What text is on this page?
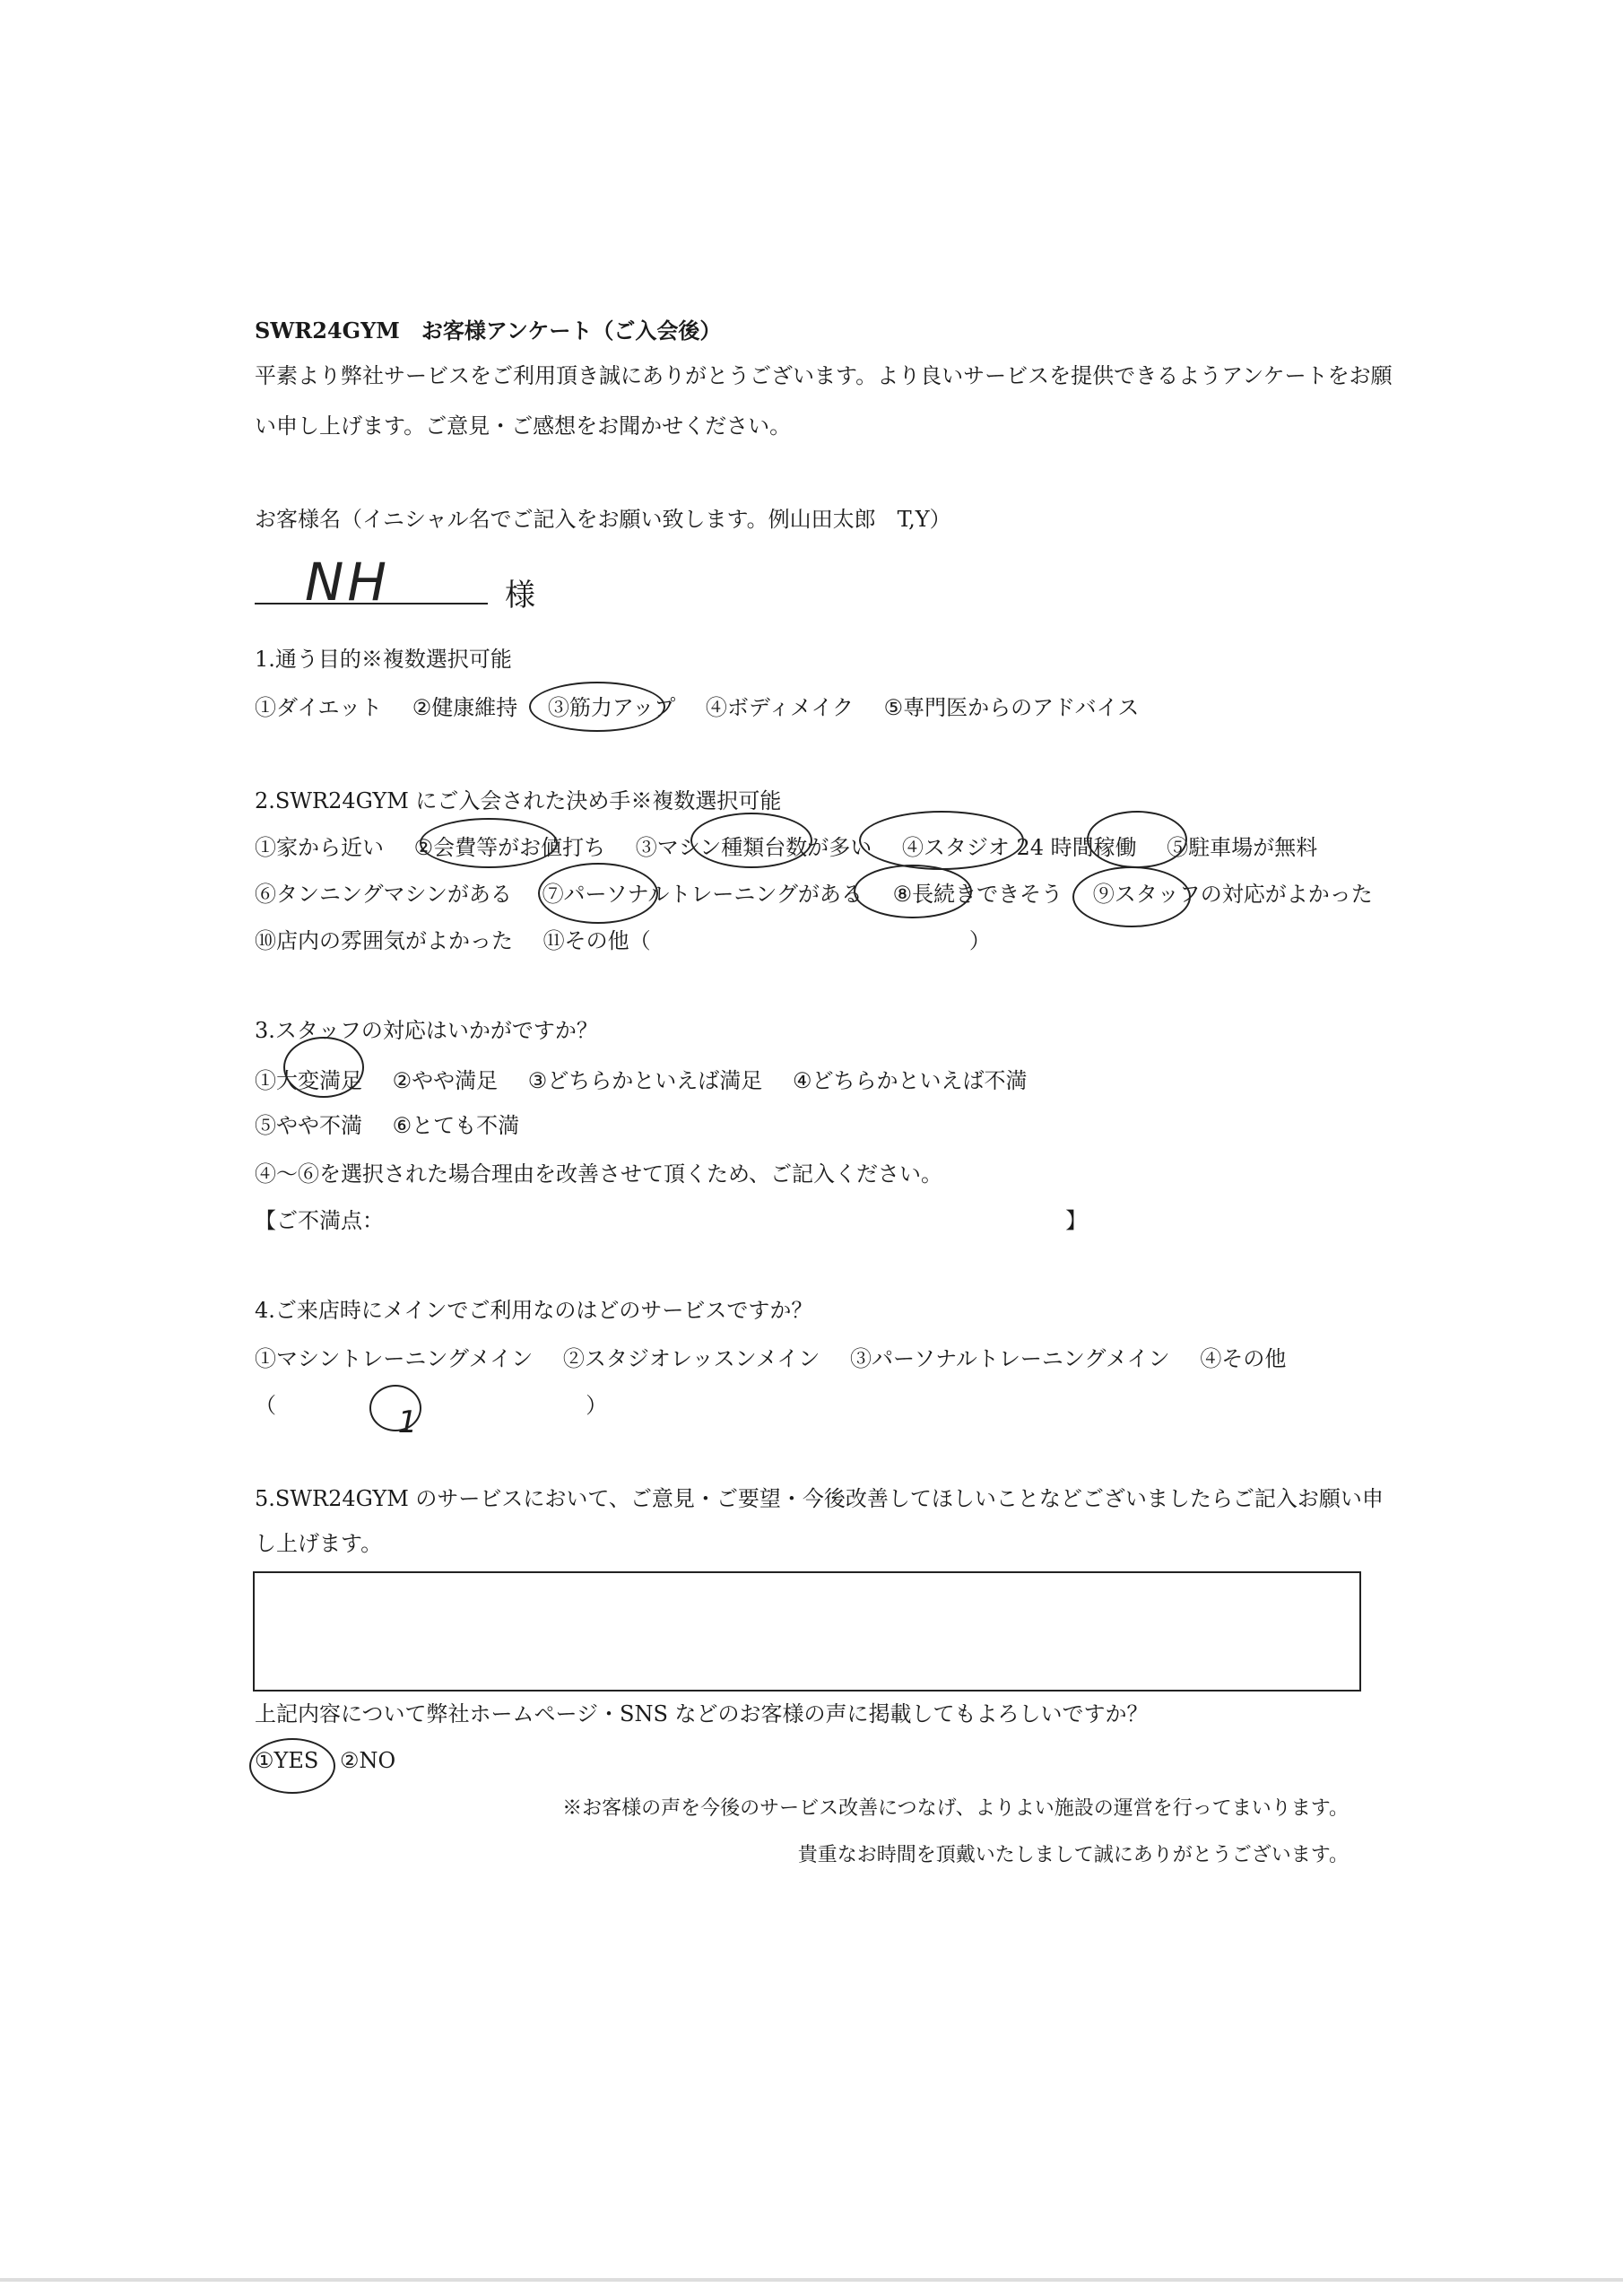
SWR24GYM　お客様アンケート（ご入会後）
平素より弊社サービスをご利用頂き誠にありがとうございます。より良いサービスを提供できるようアンケートをお願
い申し上げます。ご意見・ご感想をお聞かせください。
お客様名（イニシャル名でご記入をお願い致します。例山田太郎　T,Y）
NH	様
1.通う目的※複数選択可能
①ダイエット ②健康維持 ③筋力アップ ④ボディメイク ⑤専門医からのアドバイス
2.SWR24GYM にご入会された決め手※複数選択可能
①家から近い ②会費等がお値打ち ③マシン種類台数が多い ④スタジオ 24 時間稼働 ⑤駐車場が無料
⑥タンニングマシンがある ⑦パーソナルトレーニングがある ⑧長続きできそう ⑨スタッフの対応がよかった
⑩店内の雰囲気がよかった ⑪その他（	）
3.スタッフの対応はいかがですか？
①大変満足 ②やや満足 ③どちらかといえば満足 ④どちらかといえば不満
⑤やや不満 ⑥とても不満
④～⑥を選択された場合理由を改善させて頂くため、ご記入ください。
【ご不満点：	】
4.ご来店時にメインでご利用なのはどのサービスですか？
①マシントレーニングメイン ②スタジオレッスンメイン ③パーソナルトレーニングメイン ④その他
（	1	）
5.SWR24GYM のサービスにおいて、ご意見・ご要望・今後改善してほしいことなどございましたらご記入お願い申
し上げます。
上記内容について弊社ホームページ・SNS などのお客様の声に掲載してもよろしいですか？
①YES ②NO
※お客様の声を今後のサービス改善につなげ、よりよい施設の運営を行ってまいります。
貴重なお時間を頂戴いたしまして誠にありがとうございます。
